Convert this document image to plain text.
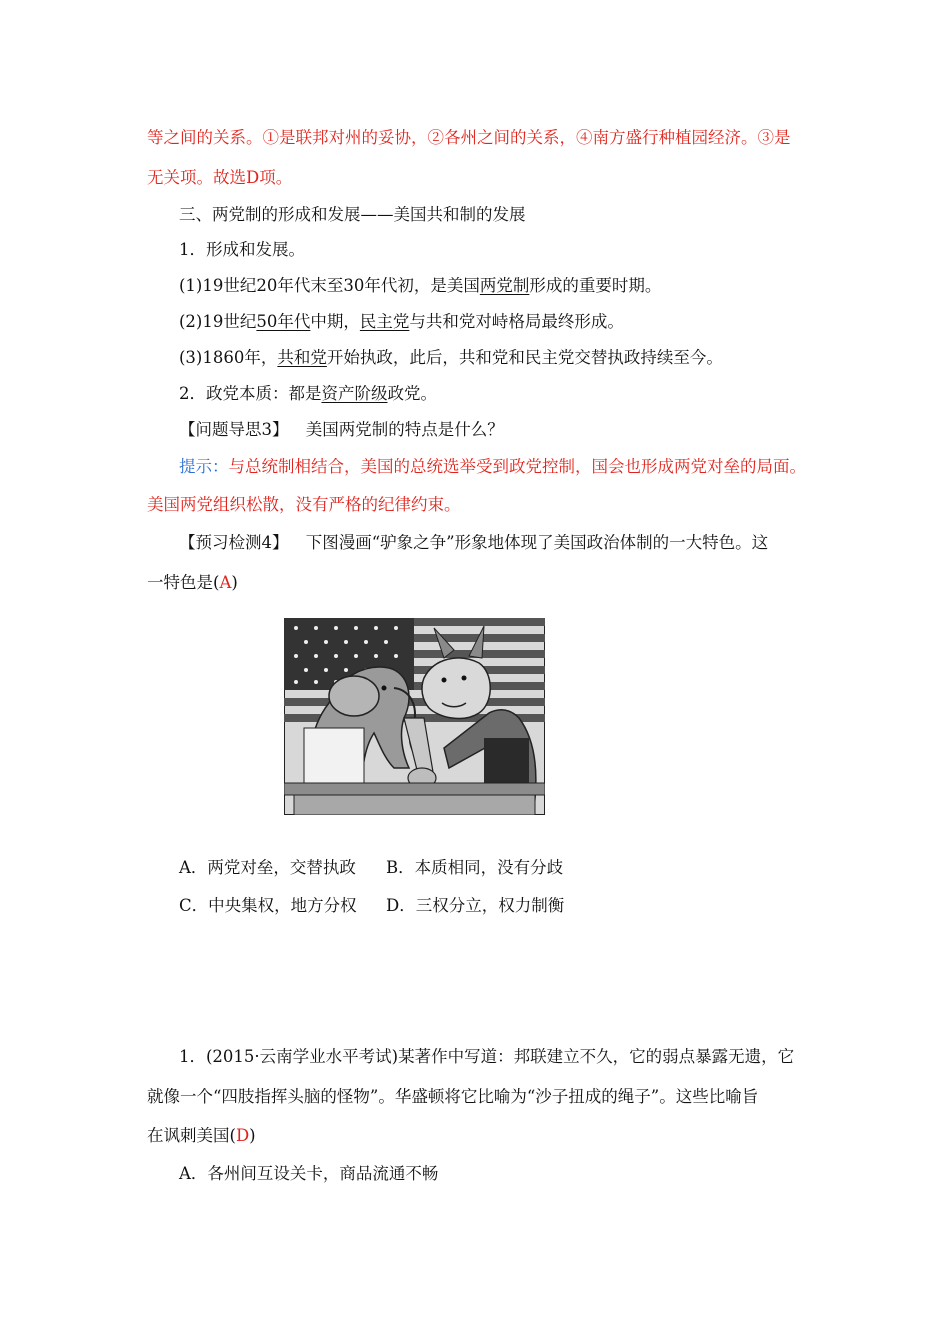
等之间的关系。①是联邦对州的妥协，②各州之间的关系，④南方盛行种植园经济。③是
无关项。故选D项。
三、两党制的形成和发展——美国共和制的发展
1．形成和发展。
(1)19世纪20年代末至30年代初，是美国两党制形成的重要时期。
(2)19世纪50年代中期，民主党与共和党对峙格局最终形成。
(3)1860年，共和党开始执政，此后，共和党和民主党交替执政持续至今。
2．政党本质：都是资产阶级政党。
【问题导思3】 美国两党制的特点是什么？
提示：与总统制相结合，美国的总统选举受到政党控制，国会也形成两党对垒的局面。
美国两党组织松散，没有严格的纪律约束。
【预习检测4】 下图漫画“驴象之争”形象地体现了美国政治体制的一大特色。这
一特色是(A)
A．两党对垒，交替执政 B．本质相同，没有分歧
C．中央集权，地方分权 D．三权分立，权力制衡
1．(2015·云南学业水平考试)某著作中写道：邦联建立不久，它的弱点暴露无遗，它
就像一个“四肢指挥头脑的怪物”。华盛顿将它比喻为“沙子扭成的绳子”。这些比喻旨
在讽刺美国(D)
A．各州间互设关卡，商品流通不畅
